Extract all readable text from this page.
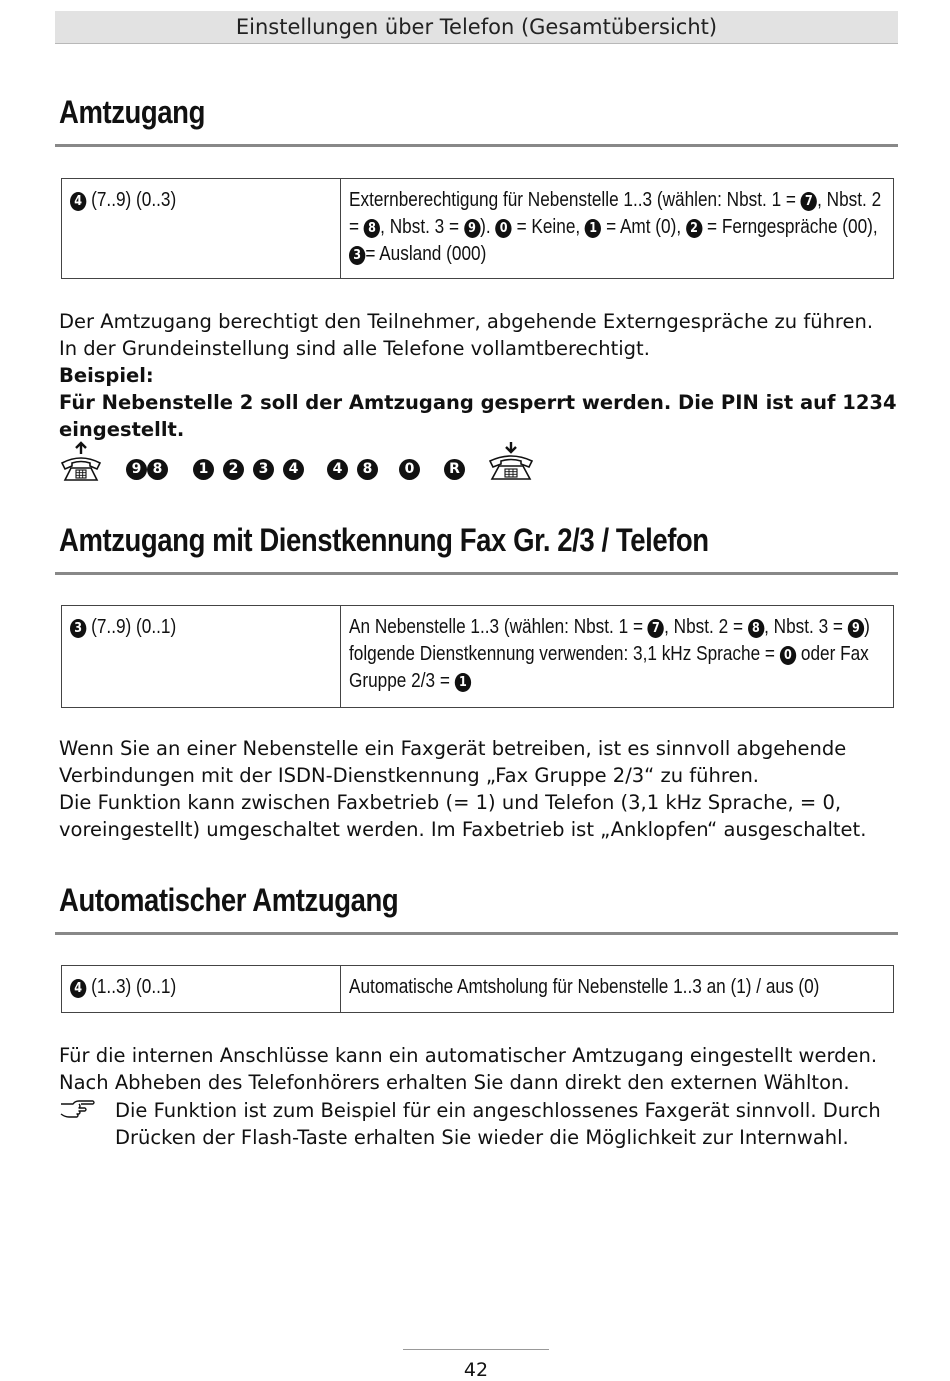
Einstellungen über Telefon (Gesamtübersicht)
Amtzugang
4 (7..9) (0..3)	Externberechtigung für Nebenstelle 1..3 (wählen: Nbst. 1 = 7 , Nbst. 2 = 8 , Nbst. 3 = 9 ). 0 = Keine, 1 = Amt (0), 2 = Ferngespräche (00), 3 = Ausland (000)

Der Amtzugang berechtigt den Teilnehmer, abgehende Externgespräche zu führen.

In der Grundeinstellung sind alle Telefone vollamtberechtigt.

Beispiel:

Für Nebenstelle 2 soll der Amtzugang gesperrt werden. Die PIN ist auf 1234 eingestellt.

9 8	1	2	3	4	4	8	0	R
Amtzugang mit Dienstkennung Fax Gr. 2/3 / Telefon
3 (7..9) (0..1)	An Nebenstelle 1..3 (wählen: Nbst. 1 = 7 , Nbst. 2 = 8 , Nbst. 3 = 9 ) folgende Dienstkennung verwenden: 3,1 kHz Sprache = 0 oder Fax Gruppe 2/3 = 1

Wenn Sie an einer Nebenstelle ein Faxgerät betreiben, ist es sinnvoll abgehende Verbindungen mit der ISDN-Dienstkennung „Fax Gruppe 2/3“ zu führen.

Die Funktion kann zwischen Faxbetrieb (= 1) und Telefon (3,1 kHz Sprache, = 0, voreingestellt) umgeschaltet werden. Im Faxbetrieb ist „Anklopfen“ ausgeschaltet.

Automatischer Amtzugang
4 (1..3) (0..1)	Automatische Amtsholung für Nebenstelle 1..3 an (1) / aus (0)

Für die internen Anschlüsse kann ein automatischer Amtzugang eingestellt werden.

Nach Abheben des Telefonhörers erhalten Sie dann direkt den externen Wählton.

Die Funktion ist zum Beispiel für ein angeschlossenes Faxgerät sinnvoll. Durch Drücken der Flash-Taste erhalten Sie wieder die Möglichkeit zur Internwahl.
42
